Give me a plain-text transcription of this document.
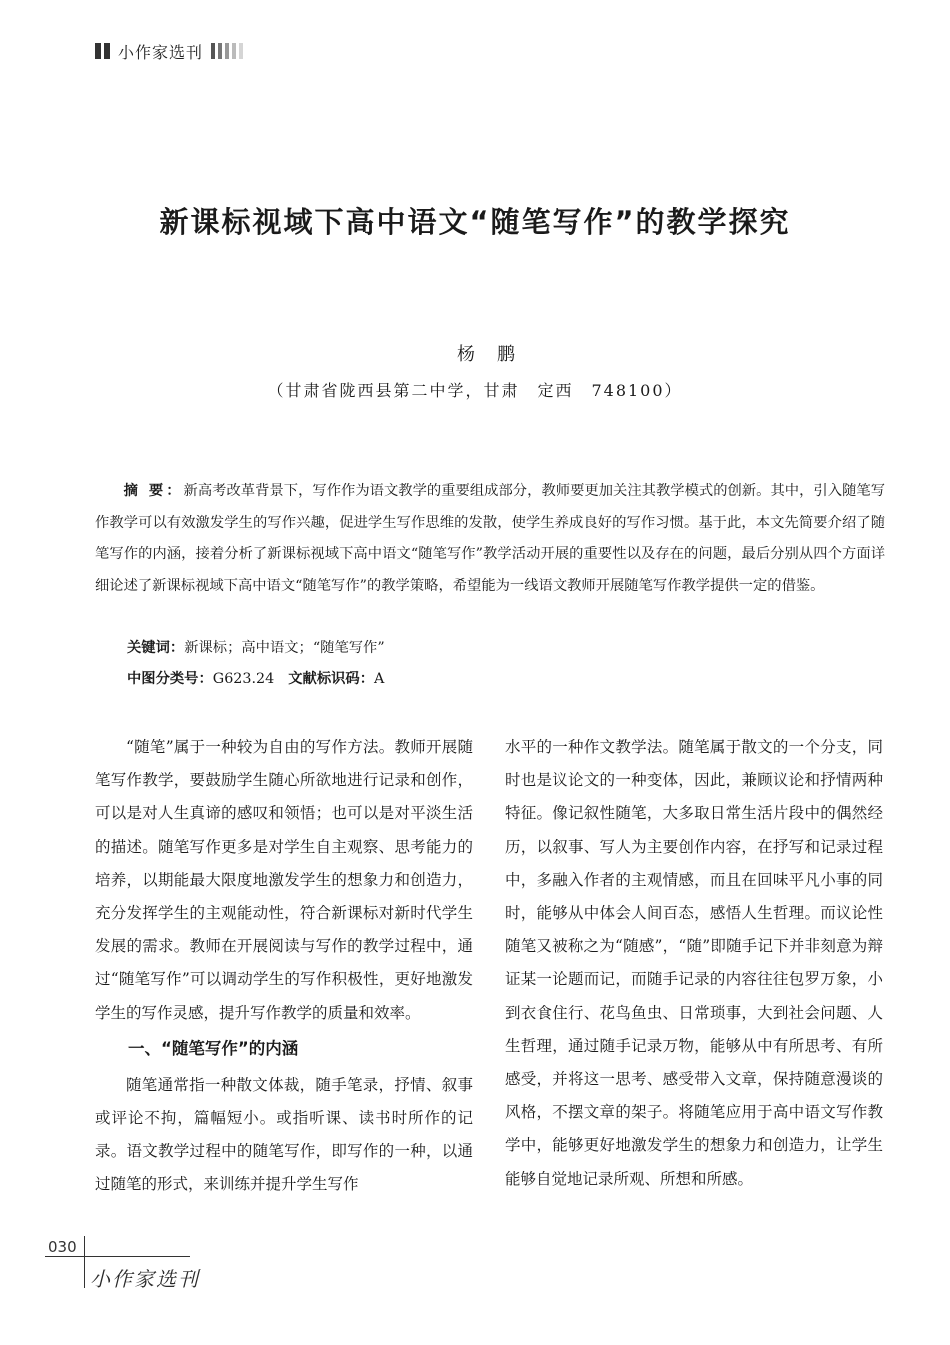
小作家选刊
新课标视域下高中语文“随笔写作”的教学探究
杨鹏
（甘肃省陇西县第二中学，甘肃　定西　748100）
摘 要：新高考改革背景下，写作作为语文教学的重要组成部分，教师要更加关注其教学模式的创新。其中，引入随笔写作教学可以有效激发学生的写作兴趣，促进学生写作思维的发散，使学生养成良好的写作习惯。基于此，本文先简要介绍了随笔写作的内涵，接着分析了新课标视域下高中语文“随笔写作”教学活动开展的重要性以及存在的问题，最后分别从四个方面详细论述了新课标视域下高中语文“随笔写作”的教学策略，希望能为一线语文教师开展随笔写作教学提供一定的借鉴。
关键词：新课标；高中语文；“随笔写作”
中图分类号：G623.24 文献标识码：A

“随笔”属于一种较为自由的写作方法。教师开展随笔写作教学，要鼓励学生随心所欲地进行记录和创作，可以是对人生真谛的感叹和领悟；也可以是对平淡生活的描述。随笔写作更多是对学生自主观察、思考能力的培养，以期能最大限度地激发学生的想象力和创造力，充分发挥学生的主观能动性，符合新课标对新时代学生发展的需求。教师在开展阅读与写作的教学过程中，通过“随笔写作”可以调动学生的写作积极性，更好地激发学生的写作灵感，提升写作教学的质量和效率。

一、“随笔写作”的内涵

随笔通常指一种散文体裁，随手笔录，抒情、叙事或评论不拘，篇幅短小。或指听课、读书时所作的记录。语文教学过程中的随笔写作，即写作的一种，以通过随笔的形式，来训练并提升学生写作

水平的一种作文教学法。随笔属于散文的一个分支，同时也是议论文的一种变体，因此，兼顾议论和抒情两种特征。像记叙性随笔，大多取日常生活片段中的偶然经历，以叙事、写人为主要创作内容，在抒写和记录过程中，多融入作者的主观情感，而且在回味平凡小事的同时，能够从中体会人间百态，感悟人生哲理。而议论性随笔又被称之为“随感”，“随”即随手记下并非刻意为辩证某一论题而记，而随手记录的内容往往包罗万象，小到衣食住行、花鸟鱼虫、日常琐事，大到社会问题、人生哲理，通过随手记录万物，能够从中有所思考、有所感受，并将这一思考、感受带入文章，保持随意漫谈的风格，不摆文章的架子。将随笔应用于高中语文写作教学中，能够更好地激发学生的想象力和创造力，让学生能够自觉地记录所观、所想和所感。

030
小作家选刊
